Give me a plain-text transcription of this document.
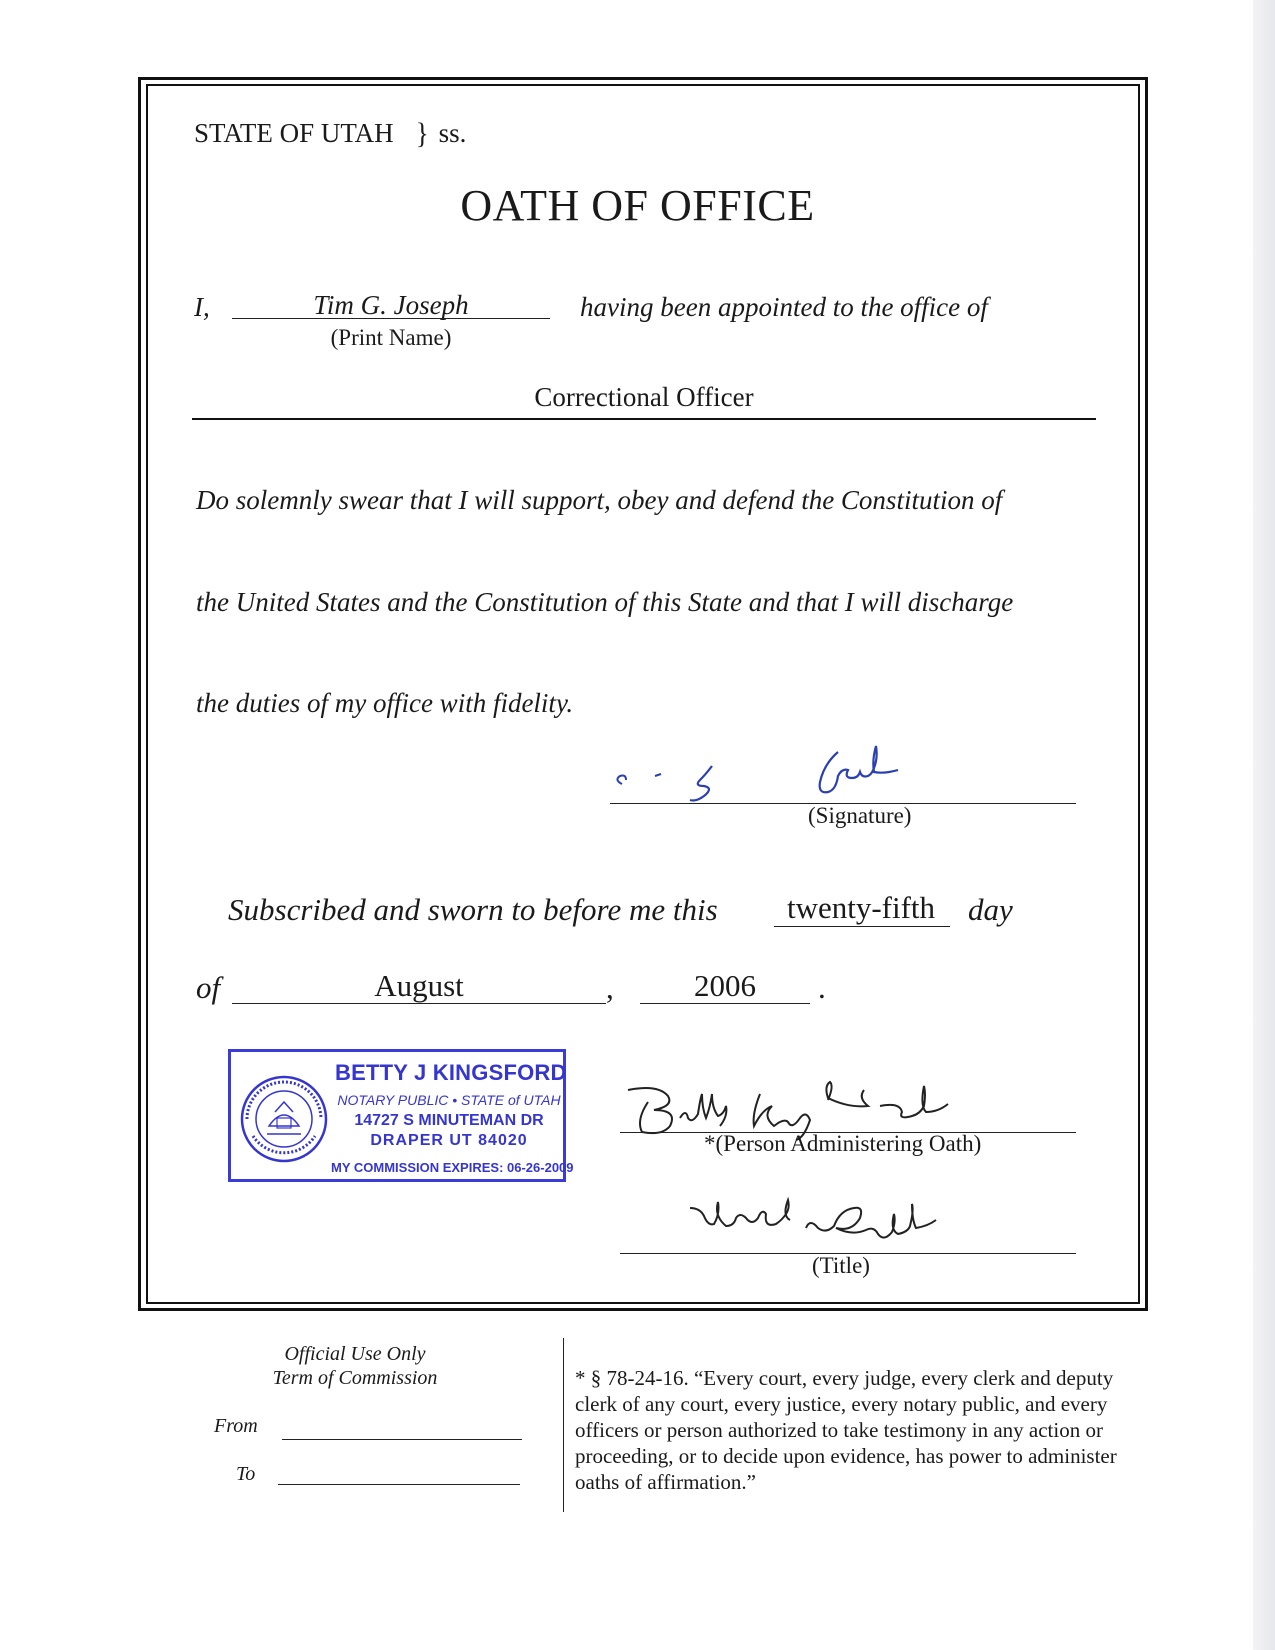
STATE OF UTAH } ss.
OATH OF OFFICE
I,	Tim G. Joseph
(Print Name)
having been appointed to the office of
Correctional Officer
Do solemnly swear that I will support, obey and defend the Constitution of
the United States and the Constitution of this State and that I will discharge
the duties of my office with fidelity.
(Signature)
Subscribed and sworn to before me this	twenty-fifth	day
of	August	,	2006	.
BETTY J KINGSFORD
NOTARY PUBLIC • STATE of UTAH
14727 S MINUTEMAN DR
DRAPER UT 84020
MY COMMISSION EXPIRES: 06-26-2009
*(Person Administering Oath)
(Title)
Official Use Only
Term of Commission
From
To
* § 78-24-16. “Every court, every judge, every clerk and deputy clerk of any court, every justice, every notary public, and every officers or person authorized to take testimony in any action or proceeding, or to decide upon evidence, has power to administer oaths of affirmation.”
